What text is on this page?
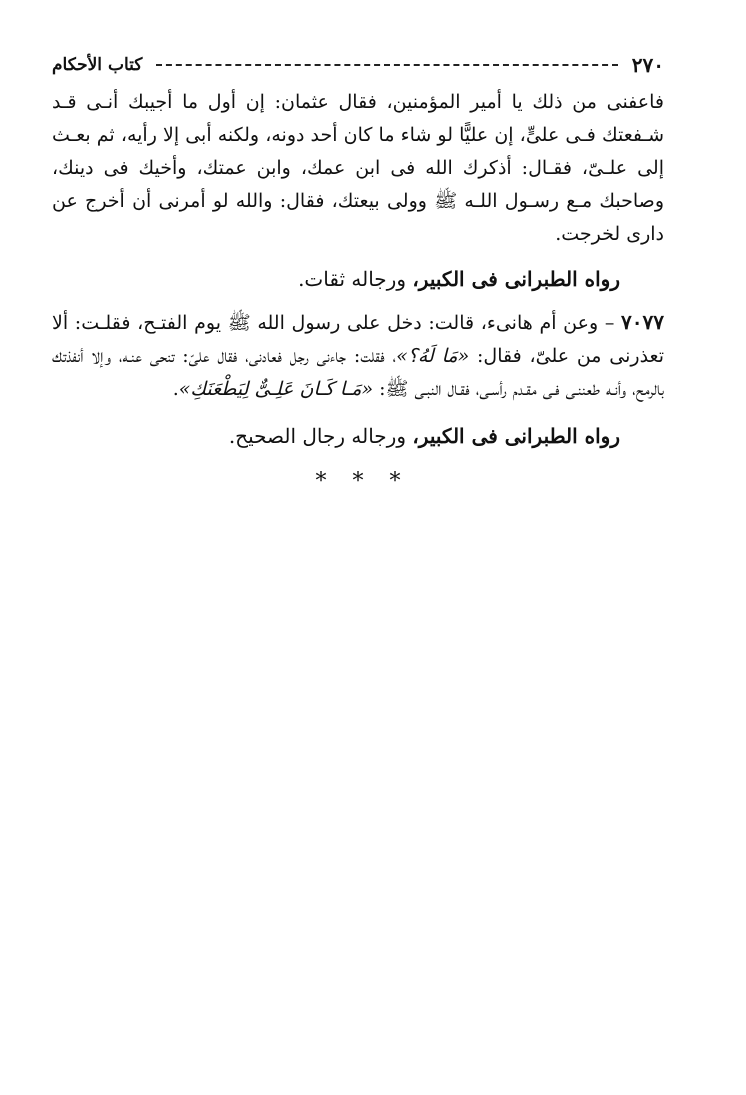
٢٧٠
كتاب الأحكام

فاعفنى من ذلك يا أمير المؤمنين، فقال عثمان: إن أول ما أجيبك أنـى قـد شـفعتك فـى علىٍّ، إن عليًّا لو شاء ما كان أحد دونه، ولكنه أبى إلا رأيه، ثم بعـث إلى علـىّ، فقـال: أذكرك الله فى ابن عمك، وابن عمتك، وأخيك فى دينك، وصاحبك مـع رسـول اللـه ﷺ وولى بيعتك، فقال: والله لو أمرنى أن أخرج عن دارى لخرجت.

رواه الطبرانى فى الكبير، ورجاله ثقات.

٧٠٧٧ – وعن أم هانىء، قالت: دخل على رسول الله ﷺ يوم الفتـح، فقلـت: ألا تعذرنى من علىّ، فقال: «مَا لَهُ؟»، فقلت: جاءنى رجل فعادنى، فقال علىّ: تنحى عنـه، وإلا أنفذتك بالرمح، وأنـه طعننـى فـى مقـدم رأسـى، فقـال النبـى ﷺ: «مَـا كَـانَ عَلِـىٌّ لِيَطْعَنَكِ».

رواه الطبرانى فى الكبير، ورجاله رجال الصحيح.

***
